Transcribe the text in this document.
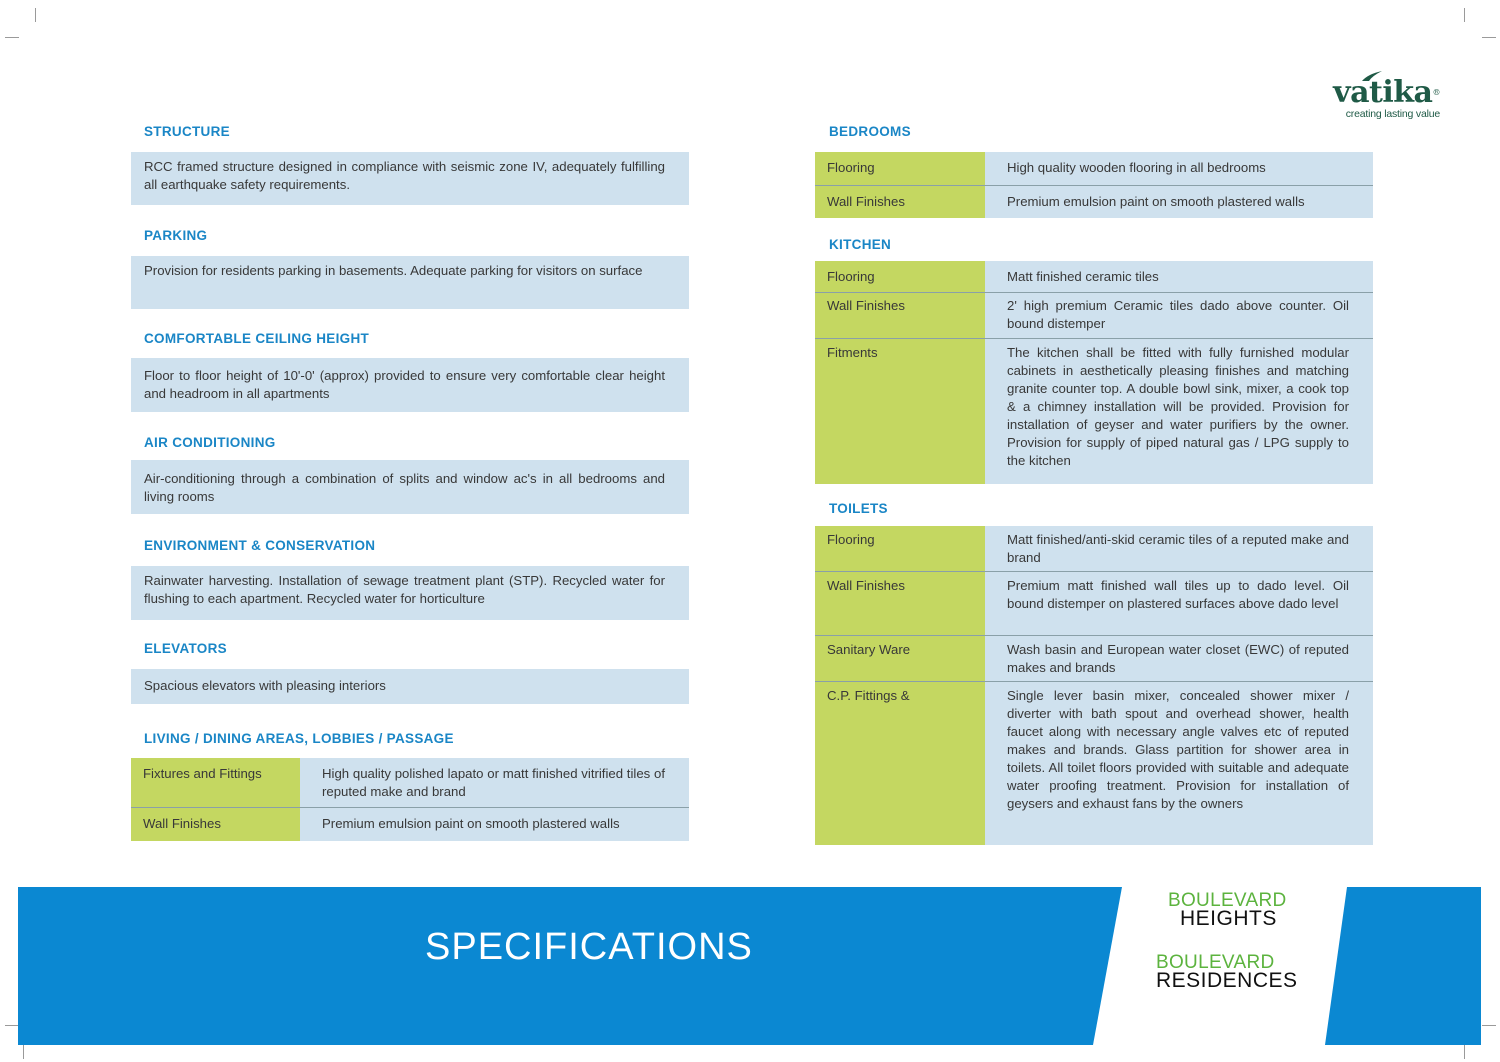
vatika®
creating lasting value
STRUCTURE
RCC framed structure designed in compliance with seismic zone IV, adequately fulfilling all earthquake safety requirements.
PARKING
Provision for residents parking in basements. Adequate parking for visitors on surface
COMFORTABLE CEILING HEIGHT
Floor to floor height of 10'-0' (approx) provided to ensure very comfortable clear height and headroom in all apartments
AIR CONDITIONING
Air-conditioning through a combination of splits and window ac's in all bedrooms and living rooms
ENVIRONMENT & CONSERVATION
Rainwater harvesting. Installation of sewage treatment plant (STP). Recycled water for flushing to each apartment. Recycled water for horticulture
ELEVATORS
Spacious elevators with pleasing interiors
LIVING / DINING AREAS, LOBBIES / PASSAGE
Fixtures and Fittings	High quality polished lapato or matt finished vitrified tiles of reputed make and brand
Wall Finishes	Premium emulsion paint on smooth plastered walls
BEDROOMS
Flooring	High quality wooden flooring in all bedrooms
Wall Finishes	Premium emulsion paint on smooth plastered walls
KITCHEN
Flooring	Matt finished ceramic tiles
Wall Finishes	2' high premium Ceramic tiles dado above counter. Oil bound distemper
Fitments	The kitchen shall be fitted with fully furnished modular cabinets in aesthetically pleasing finishes and matching granite counter top. A double bowl sink, mixer, a cook top & a chimney installation will be provided. Provision for installation of geyser and water purifiers by the owner. Provision for supply of piped natural gas / LPG supply to the kitchen
TOILETS
Flooring	Matt finished/anti-skid ceramic tiles of a reputed make and brand
Wall Finishes	Premium matt finished wall tiles up to dado level. Oil bound distemper on plastered surfaces above dado level
Sanitary Ware	Wash basin and European water closet (EWC) of reputed makes and brands
C.P. Fittings &	Single lever basin mixer, concealed shower mixer / diverter with bath spout and overhead shower, health faucet along with necessary angle valves etc of reputed makes and brands. Glass partition for shower area in toilets. All toilet floors provided with suitable and adequate water proofing treatment. Provision for installation of geysers and exhaust fans by the owners
SPECIFICATIONS
BOULEVARD
HEIGHTS
BOULEVARD
RESIDENCES
